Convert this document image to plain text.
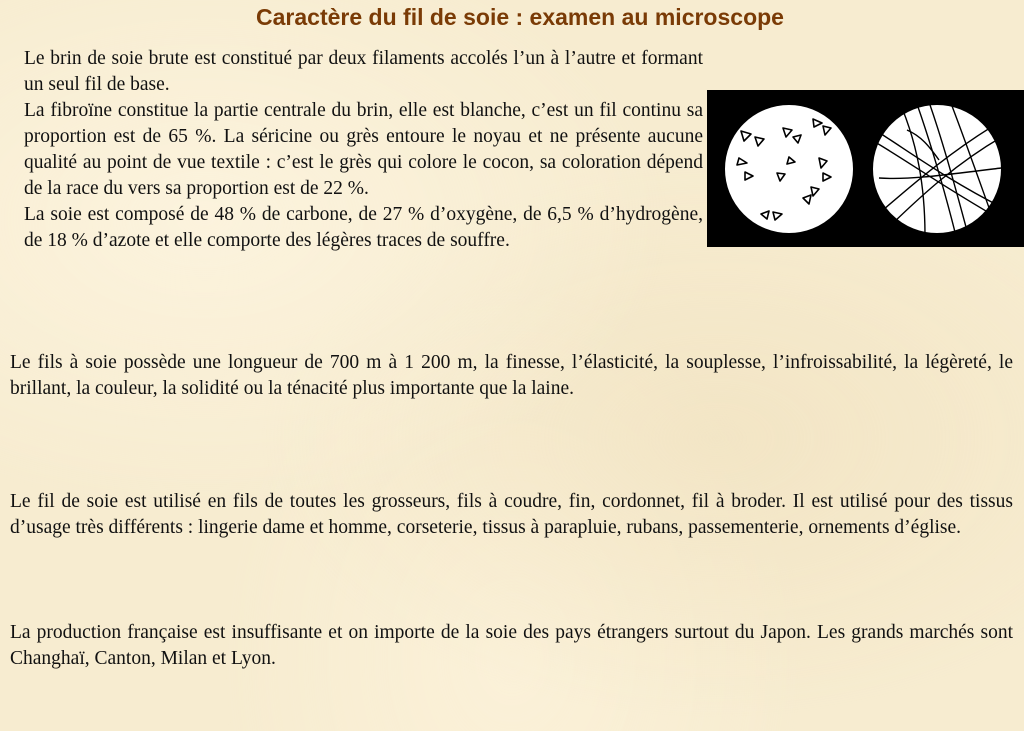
Caractère du fil de soie : examen au microscope

Le brin de soie brute est constitué par deux filaments accolés l’un à l’autre et formant un seul fil de base.

La fibroïne constitue la partie centrale du brin, elle est blanche, c’est un fil continu sa proportion est de 65 %. La séricine ou grès entoure le noyau et ne présente aucune qualité au point de vue textile : c’est le grès qui colore le cocon, sa coloration dépend de la race du vers sa proportion est de 22 %.

La soie est composé de 48 % de carbone, de 27 % d’oxygène, de 6,5 % d’hydrogène, de 18 % d’azote et elle comporte des légères traces de souffre.

Le fils à soie possède une longueur de 700 m à 1 200 m, la finesse, l’élasticité, la souplesse, l’infroissabilité, la légèreté, le brillant, la couleur, la solidité ou la ténacité plus importante que la laine.

Le fil de soie est utilisé en fils de toutes les grosseurs, fils à coudre, fin, cordonnet, fil à broder. Il est utilisé pour des tissus d’usage très différents : lingerie dame et homme, corseterie, tissus à parapluie, rubans, passementerie, ornements d’église.

La production française est insuffisante et on importe de la soie des pays étrangers surtout du Japon. Les grands marchés sont Changhaï, Canton, Milan et Lyon.
